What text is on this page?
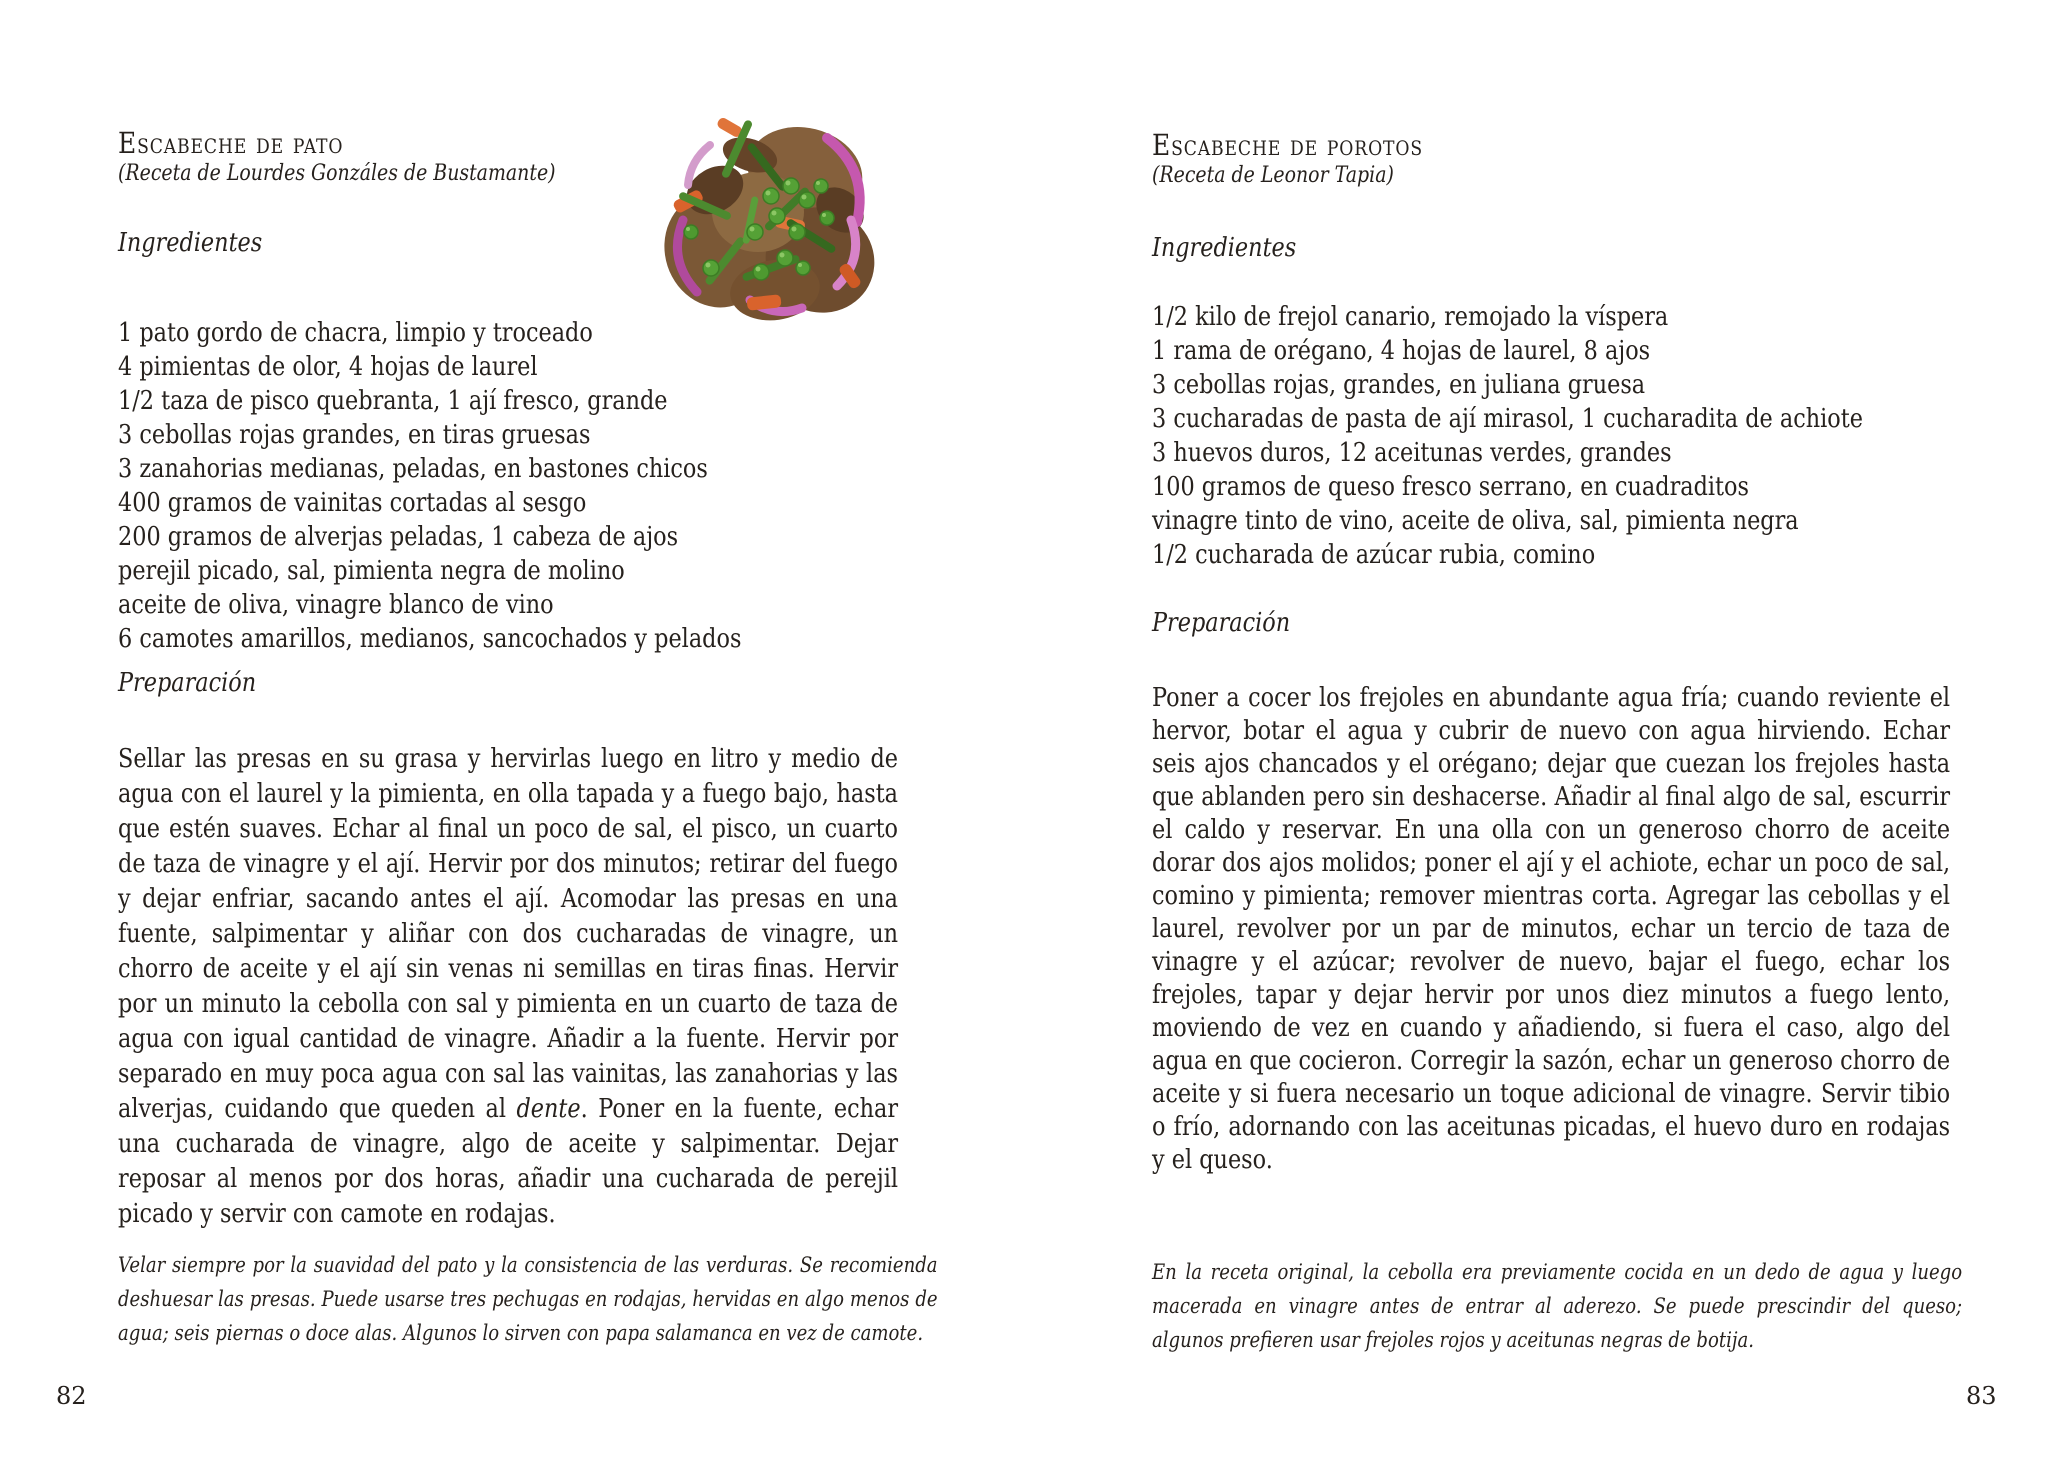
Escabeche de pato
(Receta de Lourdes Gonzáles de Bustamante)
Ingredientes
1 pato gordo de chacra, limpio y troceado
4 pimientas de olor, 4 hojas de laurel
1/2 taza de pisco quebranta, 1 ají fresco, grande
3 cebollas rojas grandes, en tiras gruesas
3 zanahorias medianas, peladas, en bastones chicos
400 gramos de vainitas cortadas al sesgo
200 gramos de alverjas peladas, 1 cabeza de ajos
perejil picado, sal, pimienta negra de molino
aceite de oliva, vinagre blanco de vino
6 camotes amarillos, medianos, sancochados y pelados
Preparación

Sellar las presas en su grasa y hervirlas luego en litro y medio de agua con el laurel y la pimienta, en olla tapada y a fuego bajo, hasta que estén suaves. Echar al final un poco de sal, el pisco, un cuarto de taza de vinagre y el ají. Hervir por dos minutos; retirar del fuego y dejar enfriar, sacando antes el ají. Acomodar las presas en una fuente, salpimentar y aliñar con dos cucharadas de vinagre, un chorro de aceite y el ají sin venas ni semillas en tiras finas. Hervir por un minuto la cebolla con sal y pimienta en un cuarto de taza de agua con igual cantidad de vinagre. Añadir a la fuente. Hervir por separado en muy poca agua con sal las vainitas, las zanahorias y las alverjas, cuidando que queden al dente. Poner en la fuente, echar una cucharada de vinagre, algo de aceite y salpimentar. Dejar reposar al menos por dos horas, añadir una cucharada de perejil picado y servir con camote en rodajas.

Velar siempre por la suavidad del pato y la consistencia de las verduras. Se recomienda deshuesar las presas. Puede usarse tres pechugas en rodajas, hervidas en algo menos de agua; seis piernas o doce alas. Algunos lo sirven con papa salamanca en vez de camote.
82
Escabeche de porotos
(Receta de Leonor Tapia)
Ingredientes
1/2 kilo de frejol canario, remojado la víspera
1 rama de orégano, 4 hojas de laurel, 8 ajos
3 cebollas rojas, grandes, en juliana gruesa
3 cucharadas de pasta de ají mirasol, 1 cucharadita de achiote
3 huevos duros, 12 aceitunas verdes, grandes
100 gramos de queso fresco serrano, en cuadraditos
vinagre tinto de vino, aceite de oliva, sal, pimienta negra
1/2 cucharada de azúcar rubia, comino
Preparación

Poner a cocer los frejoles en abundante agua fría; cuando reviente el hervor, botar el agua y cubrir de nuevo con agua hirviendo. Echar seis ajos chancados y el orégano; dejar que cuezan los frejoles hasta que ablanden pero sin deshacerse. Añadir al final algo de sal, escurrir el caldo y reservar. En una olla con un generoso chorro de aceite dorar dos ajos molidos; poner el ají y el achiote, echar un poco de sal, comino y pimienta; remover mientras corta. Agregar las cebollas y el laurel, revolver por un par de minutos, echar un tercio de taza de vinagre y el azúcar; revolver de nuevo, bajar el fuego, echar los frejoles, tapar y dejar hervir por unos diez minutos a fuego lento, moviendo de vez en cuando y añadiendo, si fuera el caso, algo del agua en que cocieron. Corregir la sazón, echar un generoso chorro de aceite y si fuera necesario un toque adicional de vinagre. Servir tibio o frío, adornando con las aceitunas picadas, el huevo duro en rodajas y el queso.

En la receta original, la cebolla era previamente cocida en un dedo de agua y luego macerada en vinagre antes de entrar al aderezo. Se puede prescindir del queso; algunos prefieren usar frejoles rojos y aceitunas negras de botija.
83
